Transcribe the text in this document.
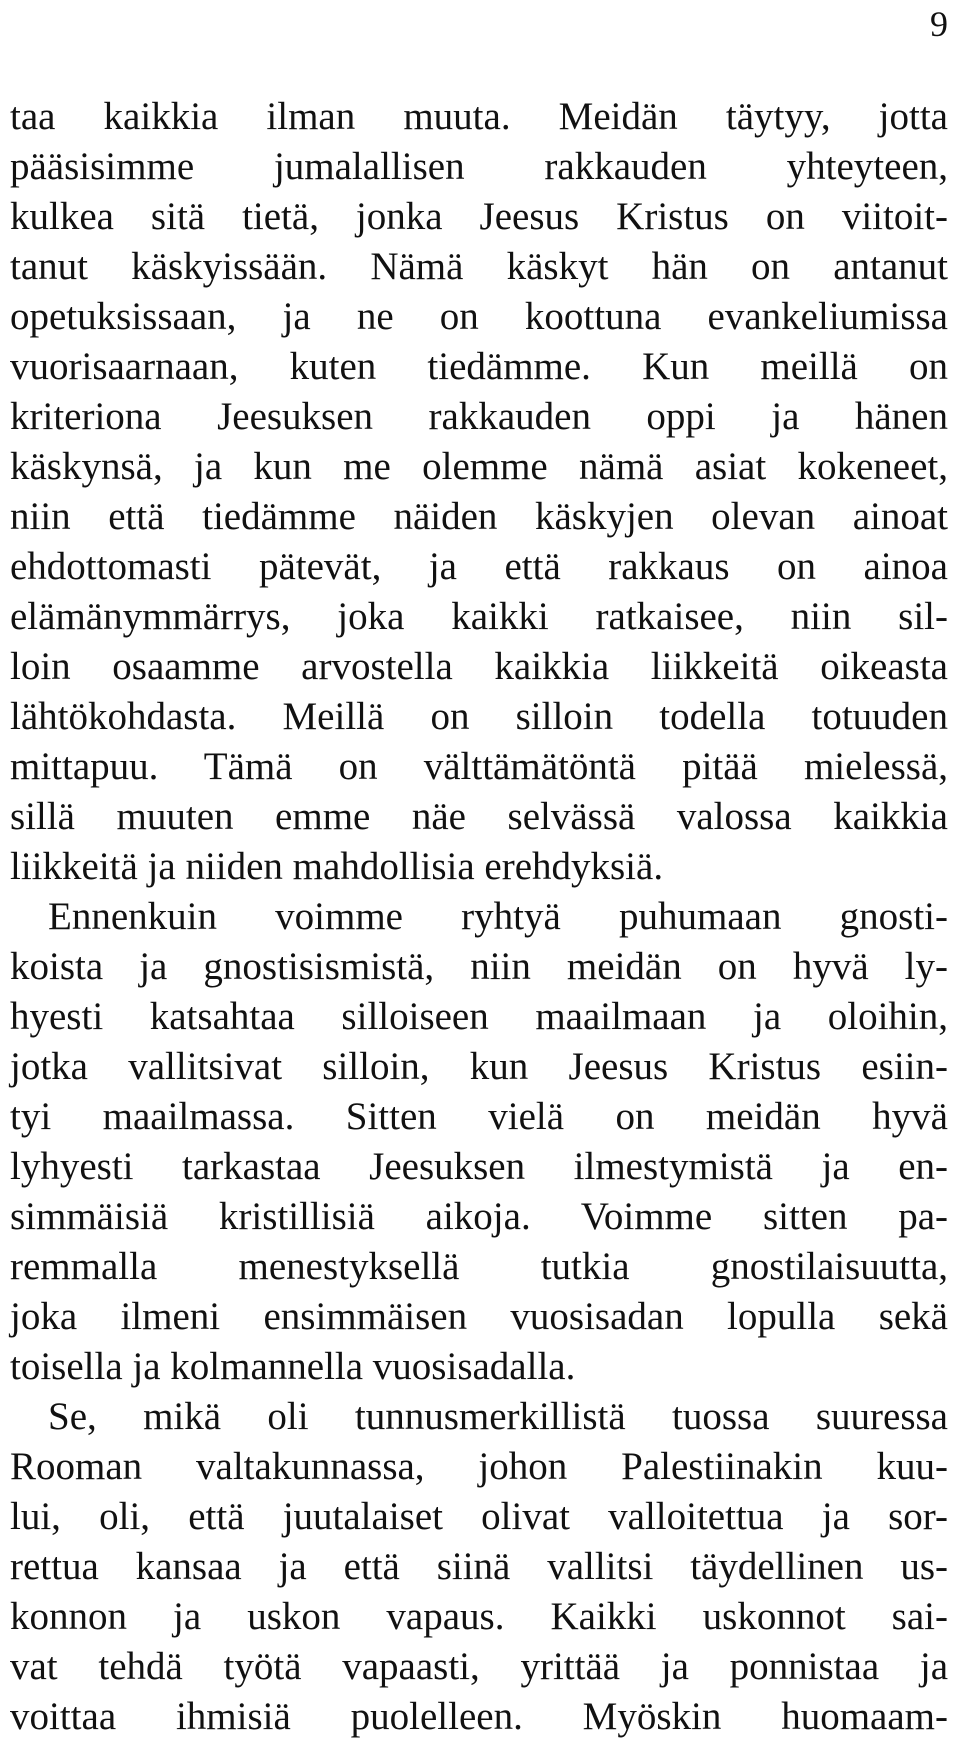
9
taa kaikkia ilman muuta. Meidän täytyy, jotta
pääsisimme jumalallisen rakkauden yhteyteen,
kulkea sitä tietä, jonka Jeesus Kristus on viitoit-
tanut käskyissään. Nämä käskyt hän on antanut
opetuksissaan, ja ne on koottuna evankeliumissa
vuorisaarnaan, kuten tiedämme. Kun meillä on
kriteriona Jeesuksen rakkauden oppi ja hänen
käskynsä, ja kun me olemme nämä asiat kokeneet,
niin että tiedämme näiden käskyjen olevan ainoat
ehdottomasti pätevät, ja että rakkaus on ainoa
elämänymmärrys, joka kaikki ratkaisee, niin sil-
loin osaamme arvostella kaikkia liikkeitä oikeasta
lähtökohdasta. Meillä on silloin todella totuuden
mittapuu. Tämä on välttämätöntä pitää mielessä,
sillä muuten emme näe selvässä valossa kaikkia
liikkeitä ja niiden mahdollisia erehdyksiä.
Ennenkuin voimme ryhtyä puhumaan gnosti-
koista ja gnostisismistä, niin meidän on hyvä ly-
hyesti katsahtaa silloiseen maailmaan ja oloihin,
jotka vallitsivat silloin, kun Jeesus Kristus esiin-
tyi maailmassa. Sitten vielä on meidän hyvä
lyhyesti tarkastaa Jeesuksen ilmestymistä ja en-
simmäisiä kristillisiä aikoja. Voimme sitten pa-
remmalla menestyksellä tutkia gnostilaisuutta,
joka ilmeni ensimmäisen vuosisadan lopulla sekä
toisella ja kolmannella vuosisadalla.
Se, mikä oli tunnusmerkillistä tuossa suuressa
Rooman valtakunnassa, johon Palestiinakin kuu-
lui, oli, että juutalaiset olivat valloitettua ja sor-
rettua kansaa ja että siinä vallitsi täydellinen us-
konnon ja uskon vapaus. Kaikki uskonnot sai-
vat tehdä työtä vapaasti, yrittää ja ponnistaa ja
voittaa ihmisiä puolelleen. Myöskin huomaam-
